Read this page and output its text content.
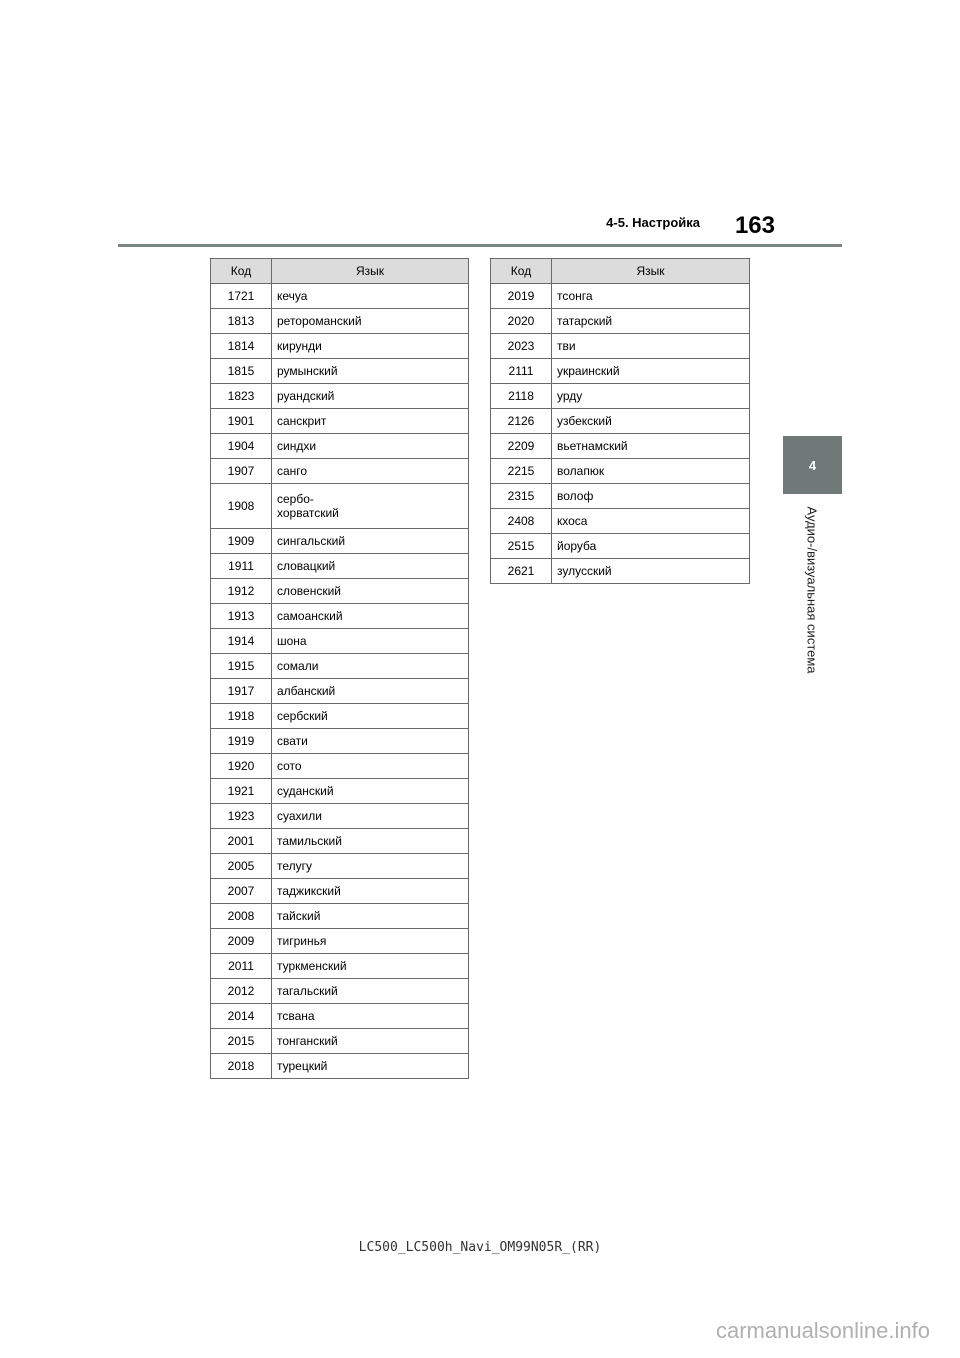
4-5. Настройка	163
4
Аудио-/визуальная система
Код	Язык
1721	кечуа
1813	ретороманский
1814	кирунди
1815	румынский
1823	руандский
1901	санскрит
1904	синдхи
1907	санго
1908	сербо-
хорватский
1909	сингальский
1911	словацкий
1912	словенский
1913	самоанский
1914	шона
1915	сомали
1917	албанский
1918	сербский
1919	свати
1920	сото
1921	суданский
1923	суахили
2001	тамильский
2005	телугу
2007	таджикский
2008	тайский
2009	тигринья
2011	туркменский
2012	тагальский
2014	тсвана
2015	тонганский
2018	турецкий
Код	Язык
2019	тсонга
2020	татарский
2023	тви
2111	украинский
2118	урду
2126	узбекский
2209	вьетнамский
2215	волапюк
2315	волоф
2408	кхоса
2515	йоруба
2621	зулусский
LC500_LC500h_Navi_OM99N05R_(RR)
carmanualsonline.info
